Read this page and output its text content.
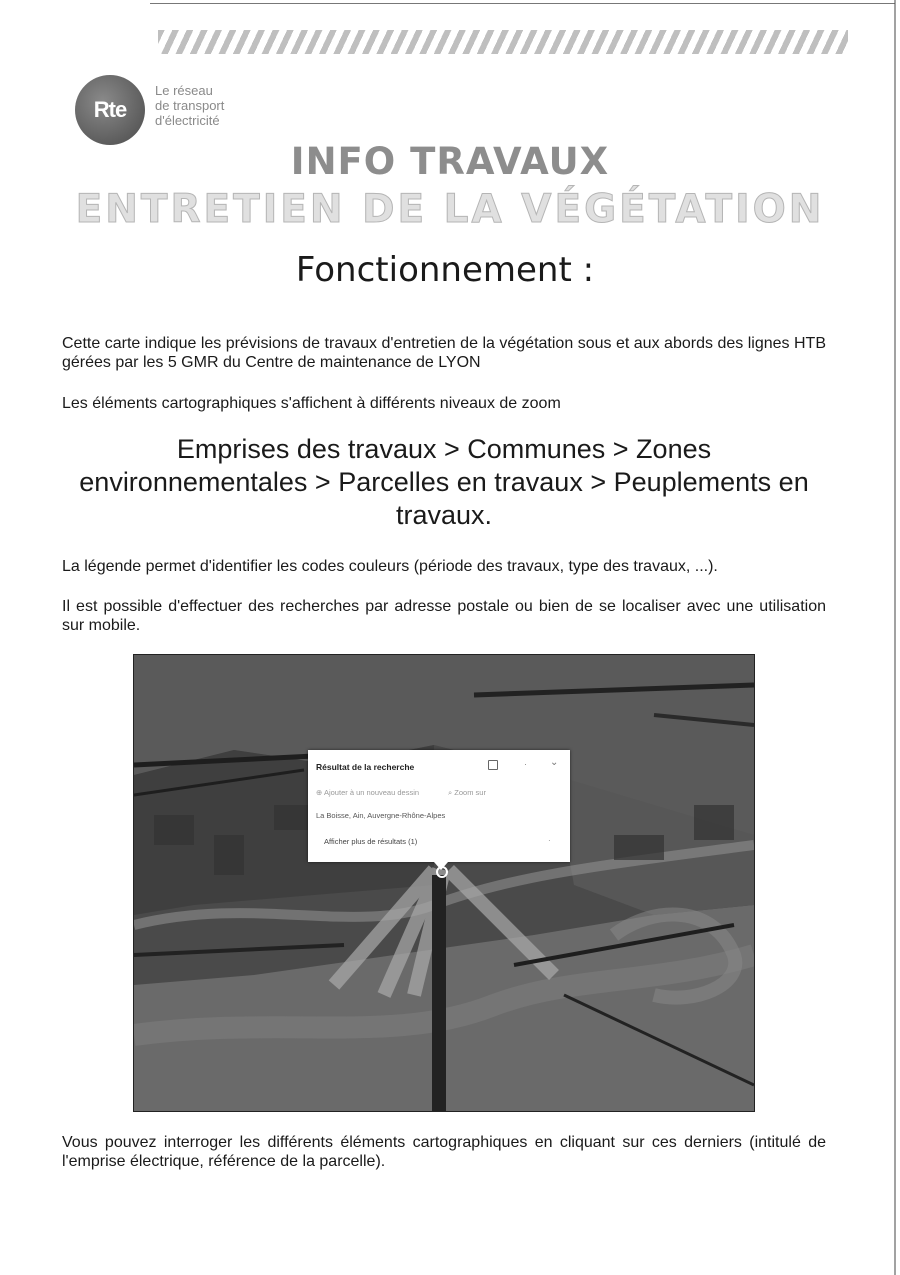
Rte
Le réseau
de transport
d'électricité
INFO TRAVAUX
ENTRETIEN DE LA VÉGÉTATION
Fonctionnement :

Cette carte indique les prévisions de travaux d'entretien de la végétation sous et aux abords des lignes HTB gérées par les 5 GMR du Centre de maintenance de LYON

Les éléments cartographiques s'affichent à différents niveaux de zoom

Emprises des travaux > Communes > Zones environnementales > Parcelles en travaux > Peuplements en travaux.

La légende permet d'identifier les codes couleurs (période des travaux, type des travaux, ...).

Il est possible d'effectuer des recherches par adresse postale ou bien de se localiser avec une utilisation sur mobile.

Résultat de la recherche	· ⌄
⊕ Ajouter à un nouveau dessin	⌕ Zoom sur
La Boisse, Ain, Auvergne-Rhône-Alpes
Afficher plus de résultats (1)	·

Vous pouvez interroger les différents éléments cartographiques en cliquant sur ces derniers (intitulé de l'emprise électrique, référence de la parcelle).
